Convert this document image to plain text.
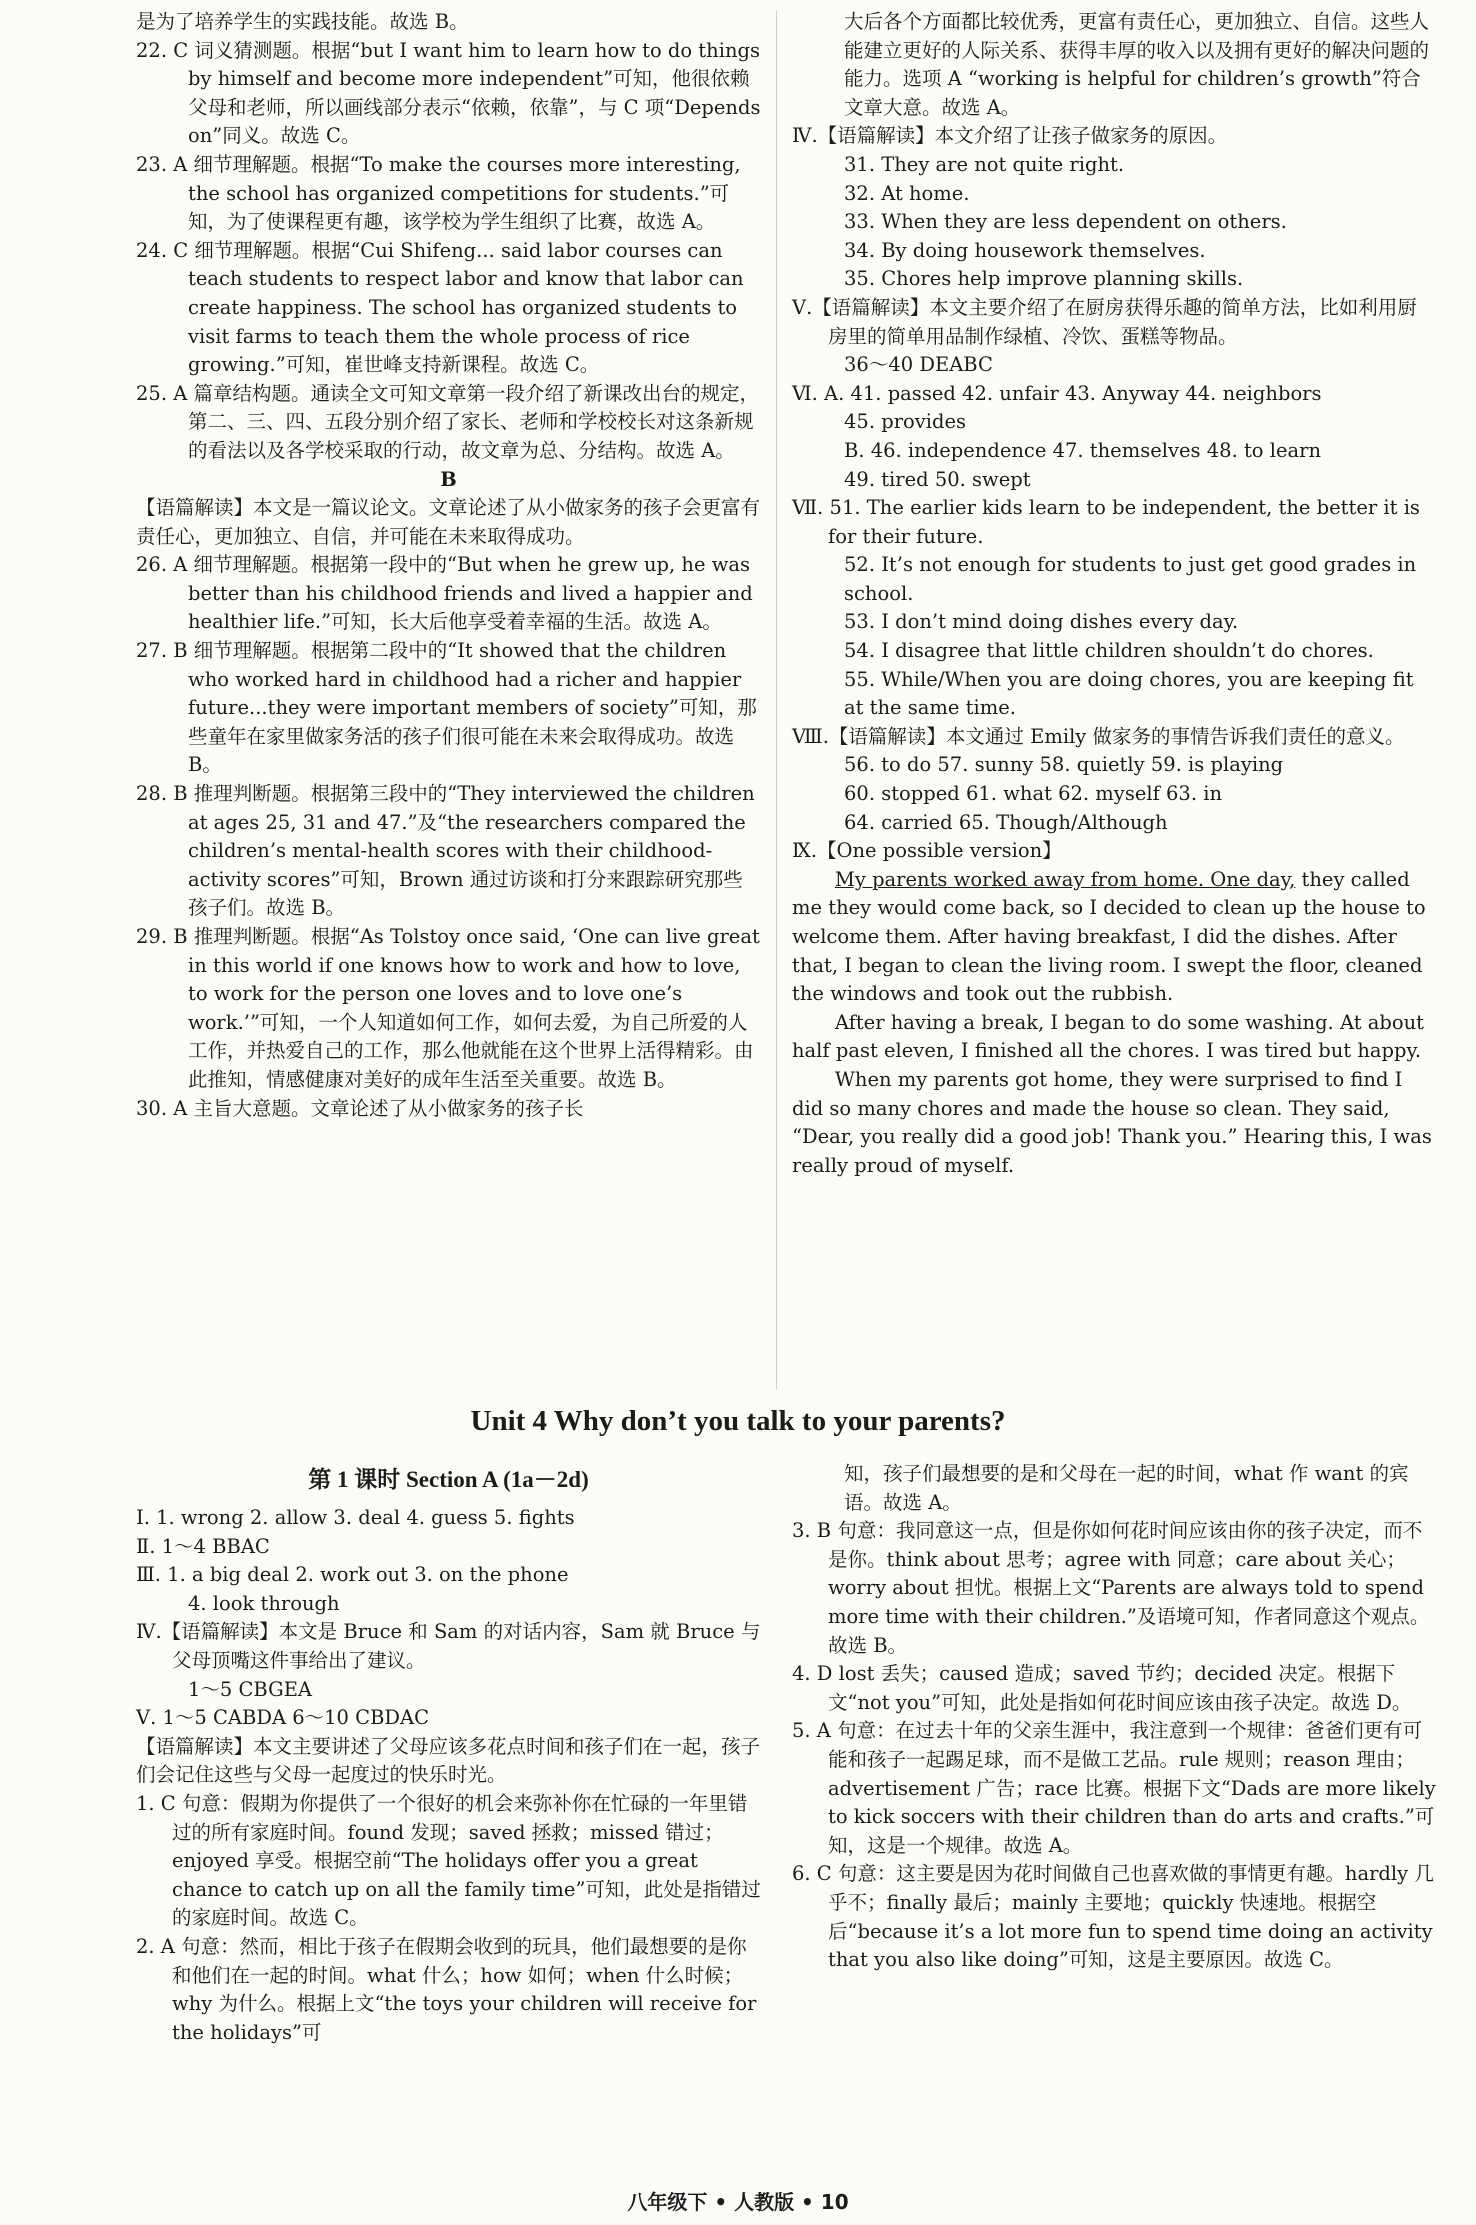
是为了培养学生的实践技能。故选 B。

22. C 词义猜测题。根据“but I want him to learn how to do things by himself and become more independent”可知，他很依赖父母和老师，所以画线部分表示“依赖，依靠”，与 C 项“Depends on”同义。故选 C。

23. A 细节理解题。根据“To make the courses more interesting, the school has organized competitions for students.”可知，为了使课程更有趣，该学校为学生组织了比赛，故选 A。

24. C 细节理解题。根据“Cui Shifeng... said labor courses can teach students to respect labor and know that labor can create happiness. The school has organized students to visit farms to teach them the whole process of rice growing.”可知，崔世峰支持新课程。故选 C。

25. A 篇章结构题。通读全文可知文章第一段介绍了新课改出台的规定，第二、三、四、五段分别介绍了家长、老师和学校校长对这条新规的看法以及各学校采取的行动，故文章为总、分结构。故选 A。

B

【语篇解读】本文是一篇议论文。文章论述了从小做家务的孩子会更富有责任心，更加独立、自信，并可能在未来取得成功。

26. A 细节理解题。根据第一段中的“But when he grew up, he was better than his childhood friends and lived a happier and healthier life.”可知，长大后他享受着幸福的生活。故选 A。

27. B 细节理解题。根据第二段中的“It showed that the children who worked hard in childhood had a richer and happier future...they were important members of society”可知，那些童年在家里做家务活的孩子们很可能在未来会取得成功。故选 B。

28. B 推理判断题。根据第三段中的“They interviewed the children at ages 25, 31 and 47.”及“the researchers compared the children’s mental-health scores with their childhood-activity scores”可知，Brown 通过访谈和打分来跟踪研究那些孩子们。故选 B。

29. B 推理判断题。根据“As Tolstoy once said, ‘One can live great in this world if one knows how to work and how to love, to work for the person one loves and to love one’s work.’”可知，一个人知道如何工作，如何去爱，为自己所爱的人工作，并热爱自己的工作，那么他就能在这个世界上活得精彩。由此推知，情感健康对美好的成年生活至关重要。故选 B。

30. A 主旨大意题。文章论述了从小做家务的孩子长

大后各个方面都比较优秀，更富有责任心，更加独立、自信。这些人能建立更好的人际关系、获得丰厚的收入以及拥有更好的解决问题的能力。选项 A “working is helpful for children’s growth”符合文章大意。故选 A。

Ⅳ.【语篇解读】本文介绍了让孩子做家务的原因。

31. They are not quite right.

32. At home.

33. When they are less dependent on others.

34. By doing housework themselves.

35. Chores help improve planning skills.

Ⅴ.【语篇解读】本文主要介绍了在厨房获得乐趣的简单方法，比如利用厨房里的简单用品制作绿植、冷饮、蛋糕等物品。

36～40 DEABC

Ⅵ. A. 41. passed 42. unfair 43. Anyway 44. neighbors

45. provides

B. 46. independence 47. themselves 48. to learn

49. tired 50. swept

Ⅶ. 51. The earlier kids learn to be independent, the better it is for their future.

52. It’s not enough for students to just get good grades in school.

53. I don’t mind doing dishes every day.

54. I disagree that little children shouldn’t do chores.

55. While/When you are doing chores, you are keeping fit at the same time.

Ⅷ.【语篇解读】本文通过 Emily 做家务的事情告诉我们责任的意义。

56. to do 57. sunny 58. quietly 59. is playing

60. stopped 61. what 62. myself 63. in

64. carried 65. Though/Although

Ⅸ.【One possible version】

My parents worked away from home. One day, they called me they would come back, so I decided to clean up the house to welcome them. After having breakfast, I did the dishes. After that, I began to clean the living room. I swept the floor, cleaned the windows and took out the rubbish.

After having a break, I began to do some washing. At about half past eleven, I finished all the chores. I was tired but happy.

When my parents got home, they were surprised to find I did so many chores and made the house so clean. They said, “Dear, you really did a good job! Thank you.” Hearing this, I was really proud of myself.

Unit 4 Why don’t you talk to your parents?
第 1 课时 Section A (1a－2d)

Ⅰ. 1. wrong 2. allow 3. deal 4. guess 5. fights

Ⅱ. 1～4 BBAC

Ⅲ. 1. a big deal 2. work out 3. on the phone

4. look through

Ⅳ.【语篇解读】本文是 Bruce 和 Sam 的对话内容，Sam 就 Bruce 与父母顶嘴这件事给出了建议。

1～5 CBGEA

Ⅴ. 1～5 CABDA 6～10 CBDAC

【语篇解读】本文主要讲述了父母应该多花点时间和孩子们在一起，孩子们会记住这些与父母一起度过的快乐时光。

1. C 句意：假期为你提供了一个很好的机会来弥补你在忙碌的一年里错过的所有家庭时间。found 发现；saved 拯救；missed 错过；enjoyed 享受。根据空前“The holidays offer you a great chance to catch up on all the family time”可知，此处是指错过的家庭时间。故选 C。

2. A 句意：然而，相比于孩子在假期会收到的玩具，他们最想要的是你和他们在一起的时间。what 什么；how 如何；when 什么时候；why 为什么。根据上文“the toys your children will receive for the holidays”可

知，孩子们最想要的是和父母在一起的时间，what 作 want 的宾语。故选 A。

3. B 句意：我同意这一点，但是你如何花时间应该由你的孩子决定，而不是你。think about 思考；agree with 同意；care about 关心；worry about 担忧。根据上文“Parents are always told to spend more time with their children.”及语境可知，作者同意这个观点。故选 B。

4. D lost 丢失；caused 造成；saved 节约；decided 决定。根据下文“not you”可知，此处是指如何花时间应该由孩子决定。故选 D。

5. A 句意：在过去十年的父亲生涯中，我注意到一个规律：爸爸们更有可能和孩子一起踢足球，而不是做工艺品。rule 规则；reason 理由；advertisement 广告；race 比赛。根据下文“Dads are more likely to kick soccers with their children than do arts and crafts.”可知，这是一个规律。故选 A。

6. C 句意：这主要是因为花时间做自己也喜欢做的事情更有趣。hardly 几乎不；finally 最后；mainly 主要地；quickly 快速地。根据空后“because it’s a lot more fun to spend time doing an activity that you also like doing”可知，这是主要原因。故选 C。

八年级下 • 人教版 • 10
